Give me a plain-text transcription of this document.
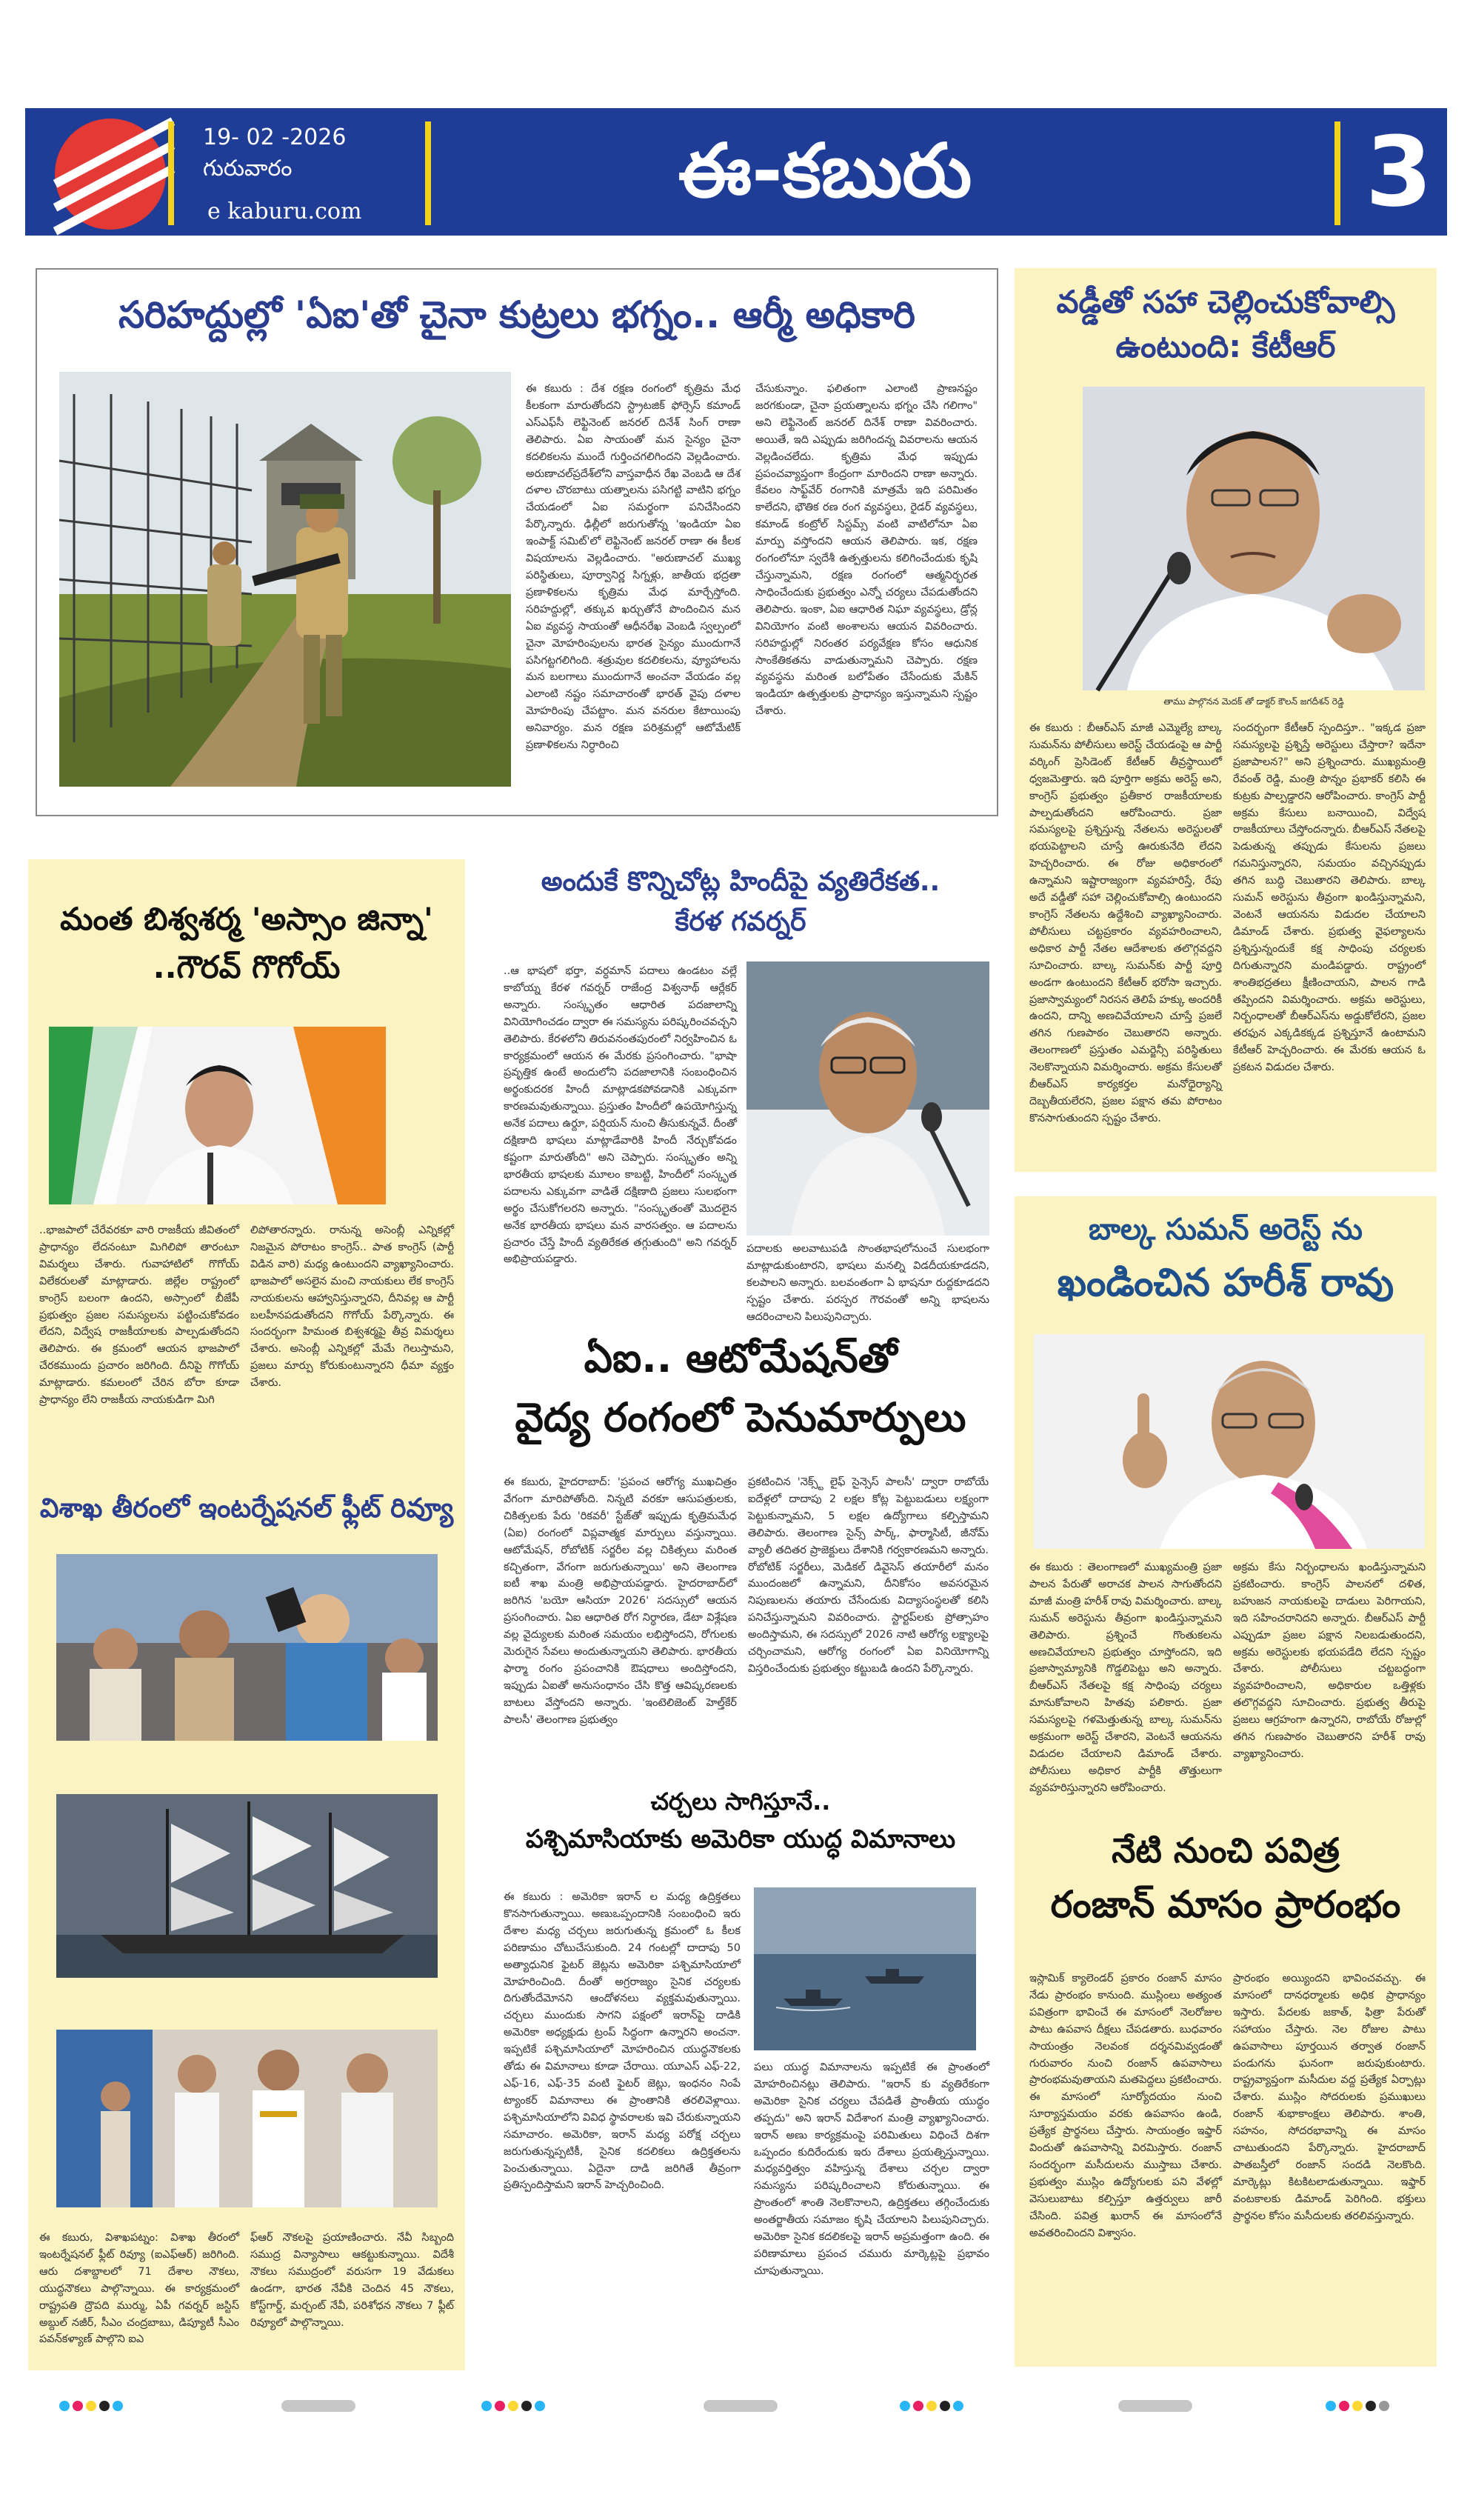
19- 02 -2026
గురువారం
e kaburu.com	ఈ-కబురు	3
సరిహద్దుల్లో 'ఏఐ'తో చైనా కుట్రలు భగ్నం.. ఆర్మీ అధికారి
ఈ కబురు : దేశ రక్షణ రంగంలో కృత్రిమ మేధ కీలకంగా మారుతోందని స్ట్రాటజిక్ ఫోర్సెస్ కమాండ్ ఎస్‌ఎఫ్‌సీ లెఫ్టినెంట్ జనరల్ దినేశ్ సింగ్ రాణా తెలిపారు. ఏఐ సాయంతో మన సైన్యం చైనా కదలికలను ముందే గుర్తించగలిగిందని వెల్లడించారు. అరుణాచల్‌ప్రదేశ్‌లోని వాస్తవాధీన రేఖ వెంబడి ఆ దేశ దళాల చొరబాటు యత్నాలను పసిగట్టి వాటిని భగ్నం చేయడంలో ఏఐ సమర్థంగా పనిచేసిందని పేర్కొన్నారు. ఢిల్లీలో జరుగుతోన్న 'ఇండియా ఏఐ ఇంపాక్ట్ సమిట్'లో లెఫ్టినెంట్ జనరల్ రాణా ఈ కీలక విషయాలను వెల్లడించారు. "అరుణాచల్‌ ముఖ్య పరిస్థితులు, పూర్వానిర్ణ సిగ్నళ్లు, జాతీయ భద్రతా ప్రణాళికలను కృత్రిమ మేధ మార్చేస్తోంది. సరిహద్దుల్లో, తక్కువ ఖర్చుతోనే పొందించిన మన ఏఐ వ్యవస్థ సాయంతో ఆధీనరేఖ వెంబడి స్వల్పంలో చైనా మోహరింపులను భారత సైన్యం ముందుగానే పసిగట్టగలిగింది. శత్రువుల కదలికలను, వ్యూహాలను మన బలగాలు ముందుగానే అంచనా వేయడం వల్ల ఎలాంటి నష్టం సమాచారంతో భారత్ వైపు దళాల మోహరింపు చేపట్టాం. మన వనరుల కేటాయింపు అనివార్యం. మన రక్షణ పరిశ్రమల్లో ఆటోమేటిక్ ప్రణాళికలను నిర్ధారించి
చేసుకున్నాం. ఫలితంగా ఎలాంటి ప్రాణనష్టం జరగకుండా, చైనా ప్రయత్నాలను భగ్నం చేసి గలిగాం" అని లెఫ్టినెంట్ జనరల్ దినేశ్ రాణా వివరించారు. అయితే, ఇది ఎప్పుడు జరిగిందన్న వివరాలను ఆయన వెల్లడించలేదు. కృత్రిమ మేధ ఇప్పుడు ప్రపంచవ్యాప్తంగా కేంద్రంగా మారిందని రాణా అన్నారు. కేవలం సాఫ్ట్‌వేర్ రంగానికి మాత్రమే ఇది పరిమితం కాలేదని, భౌతిక రణ రంగ వ్యవస్థలు, రైడర్ వ్యవస్థలు, కమాండ్ కంట్రోల్ సిస్టమ్స్ వంటి వాటిలోనూ ఏఐ మార్పు వస్తోందని ఆయన తెలిపారు. ఇక, రక్షణ రంగంలోనూ స్వదేశీ ఉత్పత్తులను కలిగించేందుకు కృషి చేస్తున్నామని, రక్షణ రంగంలో ఆత్మనిర్భరత సాధించేందుకు ప్రభుత్వం ఎన్నో చర్యలు చేపడుతోందని తెలిపారు. ఇంకా, ఏఐ ఆధారిత నిఘా వ్యవస్థలు, డ్రోన్ల వినియోగం వంటి అంశాలను ఆయన వివరించారు. సరిహద్దుల్లో నిరంతర పర్యవేక్షణ కోసం ఆధునిక సాంకేతికతను వాడుతున్నామని చెప్పారు. రక్షణ వ్యవస్థను మరింత బలోపేతం చేసేందుకు మేకిన్ ఇండియా ఉత్పత్తులకు ప్రాధాన్యం ఇస్తున్నామని స్పష్టం చేశారు.
వడ్డీతో సహా చెల్లించుకోవాల్సి
ఉంటుంది: కేటీఆర్
తాము పాల్గొనన మెదక్ తో డాక్టర్ కౌలన్ జగదీశన్ రెడ్డి
ఈ కబురు : బీఆర్ఎస్ మాజీ ఎమ్మెల్యే బాల్క సుమన్‌ను పోలీసులు అరెస్ట్ చేయడంపై ఆ పార్టీ వర్కింగ్ ప్రెసిడెంట్ కేటీఆర్ తీవ్రస్థాయిలో ధ్వజమెత్తారు. ఇది పూర్తిగా అక్రమ అరెస్ట్ అని, కాంగ్రెస్ ప్రభుత్వం ప్రతీకార రాజకీయాలకు పాల్పడుతోందని ఆరోపించారు. ప్రజా సమస్యలపై ప్రశ్నిస్తున్న నేతలను అరెస్టులతో భయపెట్టాలని చూస్తే ఊరుకునేది లేదని హెచ్చరించారు. ఈ రోజు అధికారంలో ఉన్నామని ఇష్టారాజ్యంగా వ్యవహరిస్తే, రేపు అదే వడ్డీతో సహా చెల్లించుకోవాల్సి ఉంటుందని కాంగ్రెస్ నేతలను ఉద్దేశించి వ్యాఖ్యానించారు. పోలీసులు చట్టప్రకారం వ్యవహరించాలని, అధికార పార్టీ నేతల ఆదేశాలకు తలొగ్గవద్దని సూచించారు. బాల్క సుమన్‌కు పార్టీ పూర్తి అండగా ఉంటుందని కేటీఆర్ భరోసా ఇచ్చారు. ప్రజాస్వామ్యంలో నిరసన తెలిపే హక్కు అందరికీ ఉందని, దాన్ని అణచివేయాలని చూస్తే ప్రజలే తగిన గుణపాఠం చెబుతారని అన్నారు. తెలంగాణలో ప్రస్తుతం ఎమర్జెన్సీ పరిస్థితులు నెలకొన్నాయని విమర్శించారు. అక్రమ కేసులతో బీఆర్ఎస్ కార్యకర్తల మనోధైర్యాన్ని దెబ్బతీయలేరని, ప్రజల పక్షాన తమ పోరాటం కొనసాగుతుందని స్పష్టం చేశారు.
సందర్భంగా కేటీఆర్ స్పందిస్తూ.. "ఇక్కడ ప్రజా సమస్యలపై ప్రశ్నిస్తే అరెస్టులు చేస్తారా? ఇదేనా ప్రజాపాలన?" అని ప్రశ్నించారు. ముఖ్యమంత్రి రేవంత్ రెడ్డి, మంత్రి పొన్నం ప్రభాకర్ కలిసి ఈ కుట్రకు పాల్పడ్డారని ఆరోపించారు. కాంగ్రెస్ పార్టీ అక్రమ కేసులు బనాయించి, విద్వేష రాజకీయాలు చేస్తోందన్నారు. బీఆర్ఎస్ నేతలపై పెడుతున్న తప్పుడు కేసులను ప్రజలు గమనిస్తున్నారని, సమయం వచ్చినప్పుడు తగిన బుద్ధి చెబుతారని తెలిపారు. బాల్క సుమన్ అరెస్టును తీవ్రంగా ఖండిస్తున్నామని, వెంటనే ఆయనను విడుదల చేయాలని డిమాండ్ చేశారు. ప్రభుత్వ వైఫల్యాలను ప్రశ్నిస్తున్నందుకే కక్ష సాధింపు చర్యలకు దిగుతున్నారని మండిపడ్డారు. రాష్ట్రంలో శాంతిభద్రతలు క్షీణించాయని, పాలన గాడి తప్పిందని విమర్శించారు. అక్రమ అరెస్టులు, నిర్బంధాలతో బీఆర్ఎస్‌ను అడ్డుకోలేరని, ప్రజల తరఫున ఎక్కడికక్కడ ప్రశ్నిస్తూనే ఉంటామని కేటీఆర్ హెచ్చరించారు. ఈ మేరకు ఆయన ఓ ప్రకటన విడుదల చేశారు.
మంత బిశ్వశర్మ 'అస్సాం జిన్నా'
..గౌరవ్ గొగోయ్
..భాజపాలో చేరేవరకూ వారి రాజకీయ జీవితంలో ప్రాధాన్యం లేదనంటూ మిగిలిపో తారంటూ విమర్శలు చేశారు. గువాహాటిలో గొగోయ్ విలేకరులతో మాట్లాడారు. జిల్లేల రాష్ట్రంలో కాంగ్రెస్ బలంగా ఉందని, అస్సాంలో బీజేపీ ప్రభుత్వం ప్రజల సమస్యలను పట్టించుకోవడం లేదని, విద్వేష రాజకీయాలకు పాల్పడుతోందని తెలిపారు. ఈ క్రమంలో ఆయన భాజపాలో చేరకముందు ప్రచారం జరిగింది. దీనిపై గొగోయ్ మాట్లాడారు. కమలంలో చేరిన బోరా కూడా ప్రాధాన్యం లేని రాజకీయ నాయకుడిగా మిగి
లిపోతారన్నారు. రానున్న అసెంబ్లీ ఎన్నికల్లో నిజమైన పోరాటం కాంగ్రెస్.. పాత కాంగ్రెస్ (పార్టీ విడిన వారి) మధ్య ఉంటుందని వ్యాఖ్యానించారు. భాజపాలో అసలైన మంచి నాయకులు లేక కాంగ్రెస్ నాయకులను ఆహ్వానిస్తున్నారని, దీనివల్ల ఆ పార్టీ బలహీనపడుతోందని గొగోయ్ పేర్కొన్నారు. ఈ సందర్భంగా హిమంత బిశ్వశర్మపై తీవ్ర విమర్శలు చేశారు. అసెంబ్లీ ఎన్నికల్లో మేమే గెలుస్తామని, ప్రజలు మార్పు కోరుకుంటున్నారని ధీమా వ్యక్తం చేశారు.
విశాఖ తీరంలో ఇంటర్నేషనల్ ఫ్లీట్ రివ్యూ
ఈ కబురు, విశాఖపట్నం: విశాఖ తీరంలో ఇంటర్నేషనల్ ఫ్లీట్ రివ్యూ (ఐఎఫ్‌ఆర్) జరిగింది. ఆరు దశాబ్దాలలో 71 దేశాల నౌకలు, యుద్ధనౌకలు పాల్గొన్నాయి. ఈ కార్యక్రమంలో రాష్ట్రపతి ద్రౌపది ముర్ము, ఏపీ గవర్నర్ జస్టిస్ అబ్దుల్ నజీర్, సీఎం చంద్రబాబు, డిప్యూటీ సీఎం పవన్‌కళ్యాణ్ పాల్గొని ఐఎ
ఫ్‌ఆర్ నౌకలపై ప్రయాణించారు. నేవీ సిబ్బంది సముద్ర విన్యాసాలు ఆకట్టుకున్నాయి. విదేశీ నౌకలు సముద్రంలో వరుసగా 19 వేడుకలు ఉండగా, భారత నేవీకి చెందిన 45 నౌకలు, కోస్ట్‌గార్డ్, మర్చంట్ నేవీ, పరిశోధన నౌకలు 7 ఫ్లీట్ రివ్యూలో పాల్గొన్నాయి.
అందుకే కొన్నిచోట్ల హిందీపై వ్యతిరేకత..
కేరళ గవర్నర్
..ఆ భాషలో భర్తా, వర్ధమాన్ పదాలు ఉండటం వల్లే కాబోయ్న కేరళ గవర్నర్ రాజేంద్ర విశ్వనాథ్ ఆర్లేకర్ అన్నారు. సంస్కృతం ఆధారిత పదజాలాన్ని వినియోగించడం ద్వారా ఈ సమస్యను పరిష్కరించవచ్చని తెలిపారు. కేరళలోని తిరువనంతపురంలో నిర్వహించిన ఓ కార్యక్రమంలో ఆయన ఈ మేరకు ప్రసంగించారు. "భాషా ప్రవృత్తిక ఉంటే అందులోని పదజాలానికి సంబంధించిన అర్థంకుదరక హిందీ మాట్లాడకపోవడానికి ఎక్కువగా కారణమవుతున్నాయి. ప్రస్తుతం హిందీలో ఉపయోగిస్తున్న అనేక పదాలు ఉర్దూ, పర్షియన్ నుంచి తీసుకున్నవే. దీంతో దక్షిణాది భాషలు మాట్లాడేవారికి హిందీ నేర్చుకోవడం కష్టంగా మారుతోంది" అని చెప్పారు. సంస్కృతం అన్ని భారతీయ భాషలకు మూలం కాబట్టి, హిందీలో సంస్కృత పదాలను ఎక్కువగా వాడితే దక్షిణాది ప్రజలు సులభంగా అర్థం చేసుకోగలరని అన్నారు. "సంస్కృతంతో మొదలైన అనేక భారతీయ భాషలు మన వారసత్వం. ఆ పదాలను ప్రచారం చేస్తే హిందీ వ్యతిరేకత తగ్గుతుంది" అని గవర్నర్ అభిప్రాయపడ్డారు.
పదాలకు అలవాటుపడి సొంతభాషలోనుంచే సులభంగా మాట్లాడుకుంటారని, భాషలు మనల్ని విడదీయకూడదని, కలపాలని అన్నారు. బలవంతంగా ఏ భాషనూ రుద్దకూడదని స్పష్టం చేశారు. పరస్పర గౌరవంతో అన్ని భాషలను ఆదరించాలని పిలుపునిచ్చారు.
ఏఐ.. ఆటోమేషన్‌తో
వైద్య రంగంలో పెనుమార్పులు
ఈ కబురు, హైదరాబాద్: 'ప్రపంచ ఆరోగ్య ముఖచిత్రం వేగంగా మారిపోతోంది. నిన్నటి వరకూ ఆసుపత్రులకు, చికిత్సలకు పేరు 'రికవరీ' స్టేజ్‌తో ఇప్పుడు కృత్రిమమేధ (ఏఐ) రంగంలో విప్లవాత్మక మార్పులు వస్తున్నాయి. ఆటోమేషన్, రోబోటిక్ సర్జరీల వల్ల చికిత్సలు మరింత కచ్చితంగా, వేగంగా జరుగుతున్నాయి' అని తెలంగాణ ఐటీ శాఖ మంత్రి అభిప్రాయపడ్డారు. హైదరాబాద్‌లో జరిగిన 'బయో ఆసియా 2026' సదస్సులో ఆయన ప్రసంగించారు. ఏఐ ఆధారిత రోగ నిర్ధారణ, డేటా విశ్లేషణ వల్ల వైద్యులకు మరింత సమయం లభిస్తోందని, రోగులకు మెరుగైన సేవలు అందుతున్నాయని తెలిపారు. భారతీయ ఫార్మా రంగం ప్రపంచానికి ఔషధాలు అందిస్తోందని, ఇప్పుడు ఏఐతో అనుసంధానం చేసి కొత్త ఆవిష్కరణలకు బాటలు వేస్తోందని అన్నారు. 'ఇంటెలిజెంట్ హెల్త్‌కేర్ పాలసీ' తెలంగాణ ప్రభుత్వం
ప్రకటించిన 'నెక్స్ట్ లైఫ్ సైన్సెస్ పాలసీ' ద్వారా రాబోయే ఐదేళ్లలో దాదాపు 2 లక్షల కోట్ల పెట్టుబడులు లక్ష్యంగా పెట్టుకున్నామని, 5 లక్షల ఉద్యోగాలు కల్పిస్తామని తెలిపారు. తెలంగాణ సైన్స్ పార్క్, ఫార్మాసిటీ, జీనోమ్ వ్యాలీ తదితర ప్రాజెక్టులు దేశానికి గర్వకారణమని అన్నారు. రోబోటిక్ సర్జరీలు, మెడికల్ డివైసెస్ తయారీలో మనం ముందంజలో ఉన్నామని, దీనికోసం అవసరమైన నిపుణులను తయారు చేసేందుకు విద్యాసంస్థలతో కలిసి పనిచేస్తున్నామని వివరించారు. స్టార్టప్‌లకు ప్రోత్సాహం అందిస్తామని, ఈ సదస్సులో 2026 నాటి ఆరోగ్య లక్ష్యాలపై చర్చించామని, ఆరోగ్య రంగంలో ఏఐ వినియోగాన్ని విస్తరించేందుకు ప్రభుత్వం కట్టుబడి ఉందని పేర్కొన్నారు.
చర్చలు సాగిస్తూనే..
పశ్చిమాసియాకు అమెరికా యుద్ధ విమానాలు
ఈ కబురు : అమెరికా ఇరాన్ ల మధ్య ఉద్రిక్తతలు కొనసాగుతున్నాయి. అణుఒప్పందానికి సంబంధించి ఇరు దేశాల మధ్య చర్చలు జరుగుతున్న క్రమంలో ఓ కీలక పరిణామం చోటుచేసుకుంది. 24 గంటల్లో దాదాపు 50 అత్యాధునిక ఫైటర్ జెట్లను అమెరికా పశ్చిమాసియాలో మోహరించింది. దీంతో అగ్రరాజ్యం సైనిక చర్యలకు దిగుతోందేమోనని ఆందోళనలు వ్యక్తమవుతున్నాయి. చర్చలు ముందుకు సాగని పక్షంలో ఇరాన్‌పై దాడికి అమెరికా అధ్యక్షుడు ట్రంప్ సిద్ధంగా ఉన్నారని అంచనా. ఇప్పటికే పశ్చిమాసియాలో మోహరించిన యుద్ధనౌకలకు తోడు ఈ విమానాలు కూడా చేరాయి. యూఎస్ ఎఫ్-22, ఎఫ్-16, ఎఫ్-35 వంటి ఫైటర్ జెట్లు, ఇంధనం నింపే ట్యాంకర్ విమానాలు ఈ ప్రాంతానికి తరలివెళ్లాయి. పశ్చిమాసియాలోని వివిధ స్థావరాలకు ఇవి చేరుకున్నాయని సమాచారం. అమెరికా, ఇరాన్ మధ్య పరోక్ష చర్చలు జరుగుతున్నప్పటికీ, సైనిక కదలికలు ఉద్రిక్తతలను పెంచుతున్నాయి. ఏదైనా దాడి జరిగితే తీవ్రంగా ప్రతిస్పందిస్తామని ఇరాన్ హెచ్చరించింది.
పలు యుద్ధ విమానాలను ఇప్పటికే ఈ ప్రాంతంలో మోహరించినట్లు తెలిపారు. "ఇరాన్ కు వ్యతిరేకంగా అమెరికా సైనిక చర్యలు చేపడితే ప్రాంతీయ యుద్ధం తప్పదు" అని ఇరాన్ విదేశాంగ మంత్రి వ్యాఖ్యానించారు. ఇరాన్ అణు కార్యక్రమంపై పరిమితులు విధించే దిశగా ఒప్పందం కుదిరేందుకు ఇరు దేశాలు ప్రయత్నిస్తున్నాయి. మధ్యవర్తిత్వం వహిస్తున్న దేశాలు చర్చల ద్వారా సమస్యను పరిష్కరించాలని కోరుతున్నాయి. ఈ ప్రాంతంలో శాంతి నెలకొనాలని, ఉద్రిక్తతలు తగ్గించేందుకు అంతర్జాతీయ సమాజం కృషి చేయాలని పిలుపునిచ్చారు. అమెరికా సైనిక కదలికలపై ఇరాన్ అప్రమత్తంగా ఉంది. ఈ పరిణామాలు ప్రపంచ చమురు మార్కెట్లపై ప్రభావం చూపుతున్నాయి.
బాల్క సుమన్ అరెస్ట్ ను
ఖండించిన హరీశ్ రావు
ఈ కబురు : తెలంగాణలో ముఖ్యమంత్రి ప్రజా పాలన పేరుతో అరాచక పాలన సాగుతోందని మాజీ మంత్రి హరీశ్ రావు విమర్శించారు. బాల్క సుమన్ అరెస్టును తీవ్రంగా ఖండిస్తున్నామని తెలిపారు. ప్రశ్నించే గొంతుకలను అణచివేయాలని ప్రభుత్వం చూస్తోందని, ఇది ప్రజాస్వామ్యానికి గొడ్డలిపెట్టు అని అన్నారు. బీఆర్ఎస్ నేతలపై కక్ష సాధింపు చర్యలు మానుకోవాలని హితవు పలికారు. ప్రజా సమస్యలపై గళమెత్తుతున్న బాల్క సుమన్‌ను అక్రమంగా అరెస్ట్ చేశారని, వెంటనే ఆయనను విడుదల చేయాలని డిమాండ్ చేశారు. పోలీసులు అధికార పార్టీకి తొత్తులుగా వ్యవహరిస్తున్నారని ఆరోపించారు.
అక్రమ కేసు నిర్బంధాలను ఖండిస్తున్నామని ప్రకటించారు. కాంగ్రెస్ పాలనలో దళిత, బహుజన నాయకులపై దాడులు పెరిగాయని, ఇది సహించరానిదని అన్నారు. బీఆర్ఎస్ పార్టీ ఎప్పుడూ ప్రజల పక్షాన నిలబడుతుందని, అక్రమ అరెస్టులకు భయపడేది లేదని స్పష్టం చేశారు. పోలీసులు చట్టబద్ధంగా వ్యవహరించాలని, అధికారుల ఒత్తిళ్లకు తలొగ్గవద్దని సూచించారు. ప్రభుత్వ తీరుపై ప్రజలు ఆగ్రహంగా ఉన్నారని, రాబోయే రోజుల్లో తగిన గుణపాఠం చెబుతారని హరీశ్ రావు వ్యాఖ్యానించారు.
నేటి నుంచి పవిత్ర
రంజాన్ మాసం ప్రారంభం
ఇస్లామిక్ క్యాలెండర్ ప్రకారం రంజాన్ మాసం నేడు ప్రారంభం కానుంది. ముస్లింలు అత్యంత పవిత్రంగా భావించే ఈ మాసంలో నెలరోజుల పాటు ఉపవాస దీక్షలు చేపడతారు. బుధవారం సాయంత్రం నెలవంక దర్శనమివ్వడంతో గురువారం నుంచి రంజాన్ ఉపవాసాలు ప్రారంభమవుతాయని మతపెద్దలు ప్రకటించారు. ఈ మాసంలో సూర్యోదయం నుంచి సూర్యాస్తమయం వరకు ఉపవాసం ఉండి, ప్రత్యేక ప్రార్థనలు చేస్తారు. సాయంత్రం ఇఫ్తార్ విందుతో ఉపవాసాన్ని విరమిస్తారు. రంజాన్ సందర్భంగా మసీదులను ముస్తాబు చేశారు. ప్రభుత్వం ముస్లిం ఉద్యోగులకు పని వేళల్లో వెసులుబాటు కల్పిస్తూ ఉత్తర్వులు జారీ చేసింది. పవిత్ర ఖురాన్ ఈ మాసంలోనే అవతరించిందని విశ్వాసం.
ప్రారంభం అయ్యిందని భావించవచ్చు. ఈ మాసంలో దానధర్మాలకు అధిక ప్రాధాన్యం ఇస్తారు. పేదలకు జకాత్, ఫిత్రా పేరుతో సహాయం చేస్తారు. నెల రోజుల పాటు ఉపవాసాలు పూర్తయిన తర్వాత రంజాన్ పండుగను ఘనంగా జరుపుకుంటారు. రాష్ట్రవ్యాప్తంగా మసీదుల వద్ద ప్రత్యేక ఏర్పాట్లు చేశారు. ముస్లిం సోదరులకు ప్రముఖులు రంజాన్ శుభాకాంక్షలు తెలిపారు. శాంతి, సహనం, సోదరభావాన్ని ఈ మాసం చాటుతుందని పేర్కొన్నారు. హైదరాబాద్ పాతబస్తీలో రంజాన్ సందడి నెలకొంది. మార్కెట్లు కిటకిటలాడుతున్నాయి. ఇఫ్తార్ వంటకాలకు డిమాండ్ పెరిగింది. భక్తులు ప్రార్థనల కోసం మసీదులకు తరలివస్తున్నారు.
